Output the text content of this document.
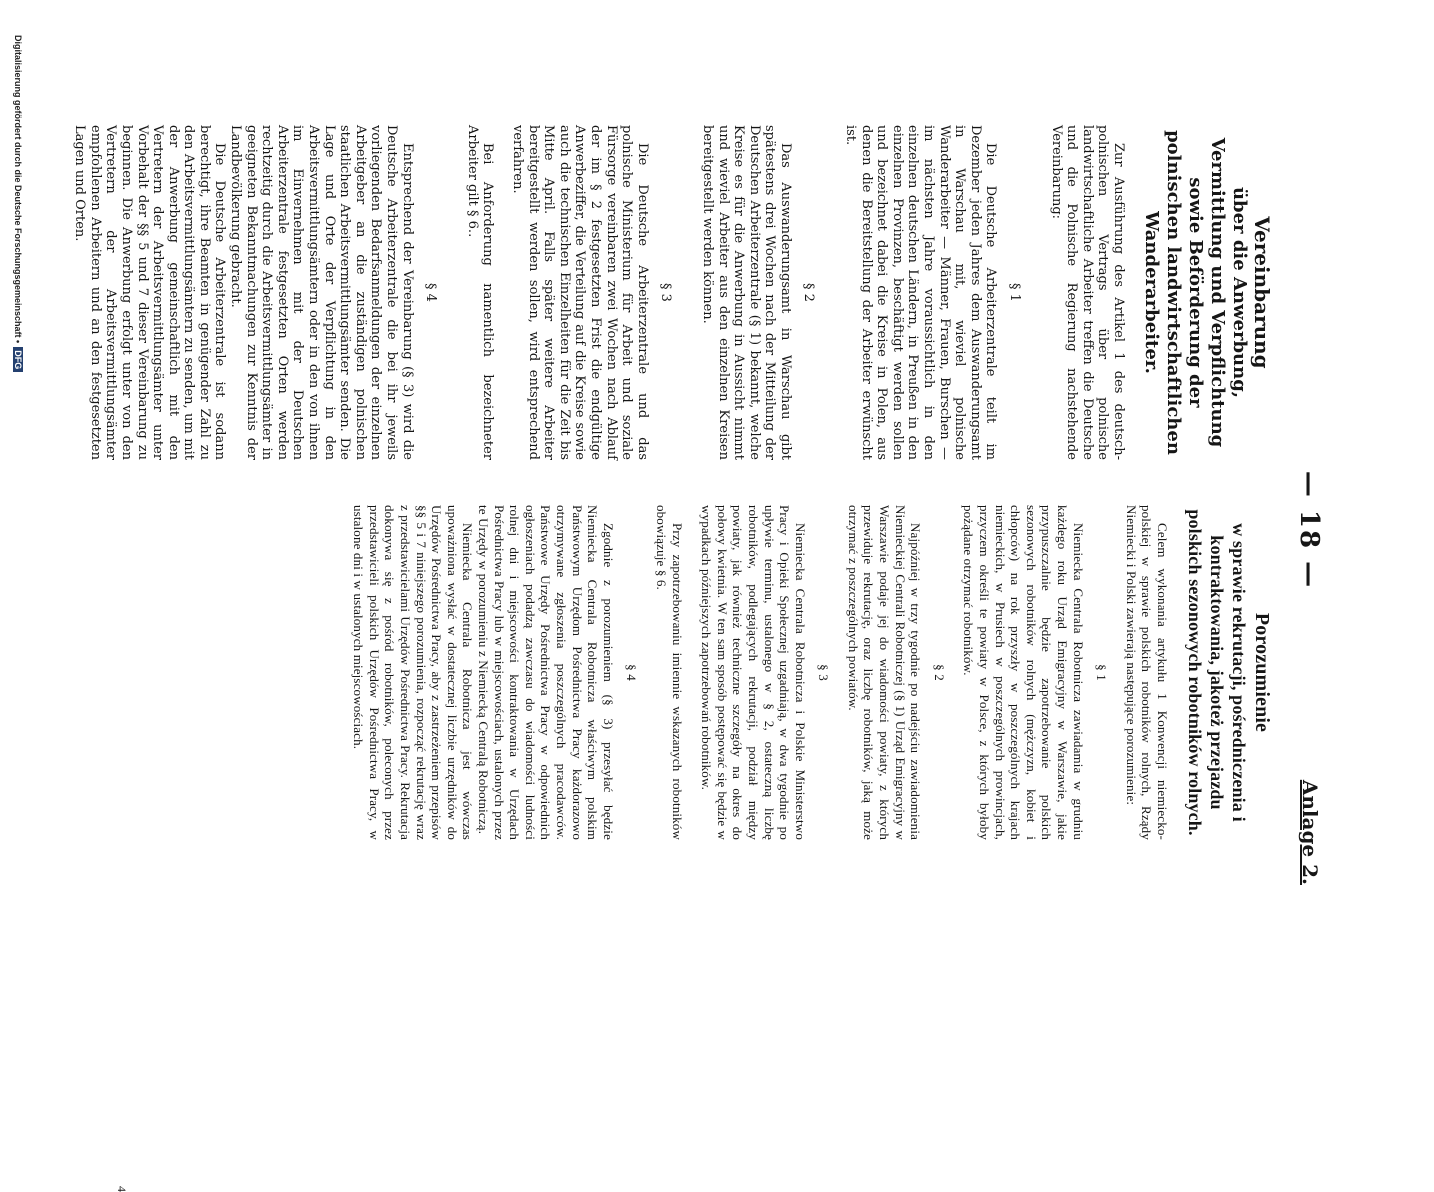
— 18 —
Anlage 2.
Vereinbarung
über die Anwerbung, Vermittlung und Verpflichtung sowie Beförderung der polnischen landwirtschaftlichen Wanderarbeiter.

Zur Ausführung des Artikel 1 des deutsch-polnischen Vertrags über polnische landwirtschaftliche Arbeiter treffen die Deutsche und die Polnische Regierung nachstehende Vereinbarung:

§ 1

Die Deutsche Arbeiterzentrale teilt im Dezember jeden Jahres dem Auswanderungsamt in Warschau mit, wieviel polnische Wanderarbeiter — Männer, Frauen, Burschen — im nächsten Jahre voraussichtlich in den einzelnen deutschen Ländern, in Preußen in den einzelnen Provinzen, beschäftigt werden sollen und bezeichnet dabei die Kreise in Polen, aus denen die Bereitstellung der Arbeiter erwünscht ist.

§ 2

Das Auswanderungsamt in Warschau gibt spätestens drei Wochen nach der Mitteilung der Deutschen Arbeiterzentrale (§ 1) bekannt, welche Kreise es für die Anwerbung in Aussicht nimmt und wieviel Arbeiter aus den einzelnen Kreisen bereitgestellt werden können.

§ 3

Die Deutsche Arbeiterzentrale und das polnische Ministerium für Arbeit und soziale Fürsorge vereinbaren zwei Wochen nach Ablauf der im § 2 festgesetzten Frist die endgültige Anwerbeziffer, die Verteilung auf die Kreise sowie auch die technischen Einzelheiten für die Zeit bis Mitte April. Falls später weitere Arbeiter bereitgestellt werden sollen, wird entsprechend verfahren.

Bei Anforderung namentlich bezeichneter Arbeiter gilt § 6..

§ 4

Entsprechend der Vereinbarung (§ 3) wird die Deutsche Arbeiterzentrale die bei ihr jeweils vorliegenden Bedarfsanmeldungen der einzelnen Arbeitgeber an die zuständigen polnischen staatlichen Arbeitsvermittlungsämter senden. Die Lage und Orte der Verpflichtung in den Arbeitsvermittlungsämtern oder in den von ihnen im Einvernehmen mit der Deutschen Arbeiterzentrale festgesetzten Orten werden rechtzeitig durch die Arbeitsvermittlungsämter in geeigneten Bekanntmachungen zur Kenntnis der Landbevölkerung gebracht.

Die Deutsche Arbeiterzentrale ist sodann berechtigt, ihre Beamten in genügender Zahl zu den Arbeitsvermittlungsämtern zu senden, um mit der Anwerbung gemeinschaftlich mit den Vertretern der Arbeitsvermittlungsämter unter Vorbehalt der §§ 5 und 7 dieser Vereinbarung zu beginnen. Die Anwerbung erfolgt unter von den Vertretern der Arbeitsvermittlungsämter empfohlenen Arbeitern und an den festgesetzten Lagen und Orten.

Porozumienie
w sprawie rekrutacji, pośredniczenia i kontraktowania, jakoteż przejazdu polskich sezonowych robotników rolnych.

Celem wykonania artykułu 1 Konwencji niemiecko-polskiej w sprawie polskich robotników rolnych, Rządy Niemiecki i Polski zawierają następujące porozumienie:

§ 1

Niemiecka Centrala Robotnicza zawiadamia w grudniu każdego roku Urząd Emigracyjny w Warszawie, jakie przypuszczalnie będzie zapotrzebowanie polskich sezonowych robotników rolnych (mężczyzn, kobiet i chłopców) na rok przyszły w poszczególnych krajach niemieckich, w Prusiech w poszczególnych prowincjach, przyczem określi te powiaty w Polsce, z których byłoby pożądane otrzymać robotników.

§ 2

Najpóźniej w trzy tygodnie po nadejściu zawiadomienia Niemieckiej Centrali Robotniczej (§ 1) Urząd Emigracyjny w Warszawie podaje jej do wiadomości powiaty, z których przewiduje rekrutację, oraz liczbę robotników, jaką może otrzymać z poszczególnych powiatów.

§ 3

Niemiecka Centrala Robotnicza i Polskie Ministerstwo Pracy i Opieki Społecznej uzgadniają, w dwa tygodnie po upływie terminu, ustalonego w § 2, ostateczną liczbę robotników, podlegających rekrutacji, podział między powiaty, jak również techniczne szczegóły na okres do połowy kwietnia. W ten sam sposób postępować się będzie w wypadkach późniejszych zapotrzebowań robotników.

Przy zapotrzebowaniu imiennie wskazanych robotników obowiązuje § 6.

§ 4

Zgodnie z porozumieniem (§ 3) przesyłać będzie Niemiecka Centrala Robotnicza właściwym polskim Państwowym Urzędom Pośrednictwa Pracy każdorazowo otrzymywane zgłoszenia poszczególnych pracodawców. Państwowe Urzędy Pośrednictwa Pracy w odpowiednich ogłoszeniach podadzą zawczasu do wiadomości ludności rolnej dni i miejscowości kontraktowania w Urzędach Pośrednictwa Pracy lub w miejscowościach, ustalonych przez te Urzędy w porozumieniu z Niemiecką Centralą Robotniczą.

Niemiecka Centrala Robotnicza jest wówczas upoważniona wysłać w dostatecznej liczbie urzędników do Urzędów Pośrednictwa Pracy, aby z zastrzeżeniem przepisów §§ 5 i 7 niniejszego porozumienia, rozpocząć rekrutację wraz z przedstawicielami Urzędów Pośrednictwa Pracy. Rekrutacja dokonywa się z pośród robotników, poleconych przez przedstawicieli polskich Urzędów Pośrednictwa Pracy, w ustalone dni i w ustalonych miejscowościach.

4
Digitalisierung gefördert durch die Deutsche Forschungsgemeinschaft •DFG
